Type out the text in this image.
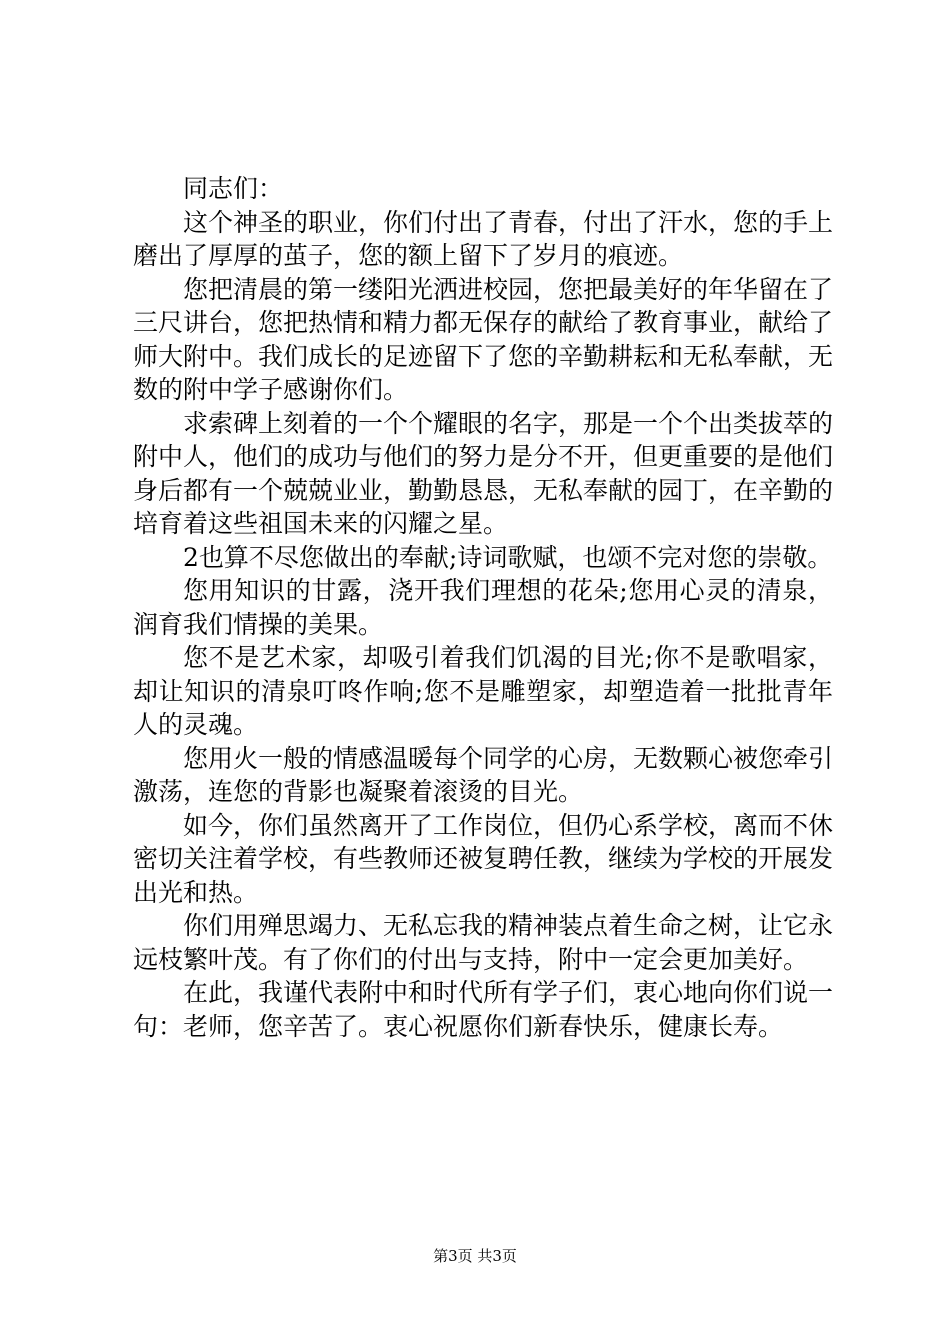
同志们：

这个神圣的职业，你们付出了青春，付出了汗水，您的手上磨出了厚厚的茧子，您的额上留下了岁月的痕迹。

您把清晨的第一缕阳光洒进校园，您把最美好的年华留在了三尺讲台，您把热情和精力都无保存的献给了教育事业，献给了师大附中。我们成长的足迹留下了您的辛勤耕耘和无私奉献，无数的附中学子感谢你们。

求索碑上刻着的一个个耀眼的名字，那是一个个出类拔萃的附中人，他们的成功与他们的努力是分不开，但更重要的是他们身后都有一个兢兢业业，勤勤恳恳，无私奉献的园丁，在辛勤的培育着这些祖国未来的闪耀之星。

2也算不尽您做出的奉献;诗词歌赋，也颂不完对您的崇敬。

您用知识的甘露，浇开我们理想的花朵;您用心灵的清泉，润育我们情操的美果。

您不是艺术家，却吸引着我们饥渴的目光;你不是歌唱家，却让知识的清泉叮咚作响;您不是雕塑家，却塑造着一批批青年人的灵魂。

您用火一般的情感温暖每个同学的心房，无数颗心被您牵引激荡，连您的背影也凝聚着滚烫的目光。

如今，你们虽然离开了工作岗位，但仍心系学校，离而不休密切关注着学校，有些教师还被复聘任教，继续为学校的开展发出光和热。

你们用殚思竭力、无私忘我的精神装点着生命之树，让它永远枝繁叶茂。有了你们的付出与支持，附中一定会更加美好。

在此，我谨代表附中和时代所有学子们，衷心地向你们说一句：老师，您辛苦了。衷心祝愿你们新春快乐，健康长寿。

第3页 共3页
